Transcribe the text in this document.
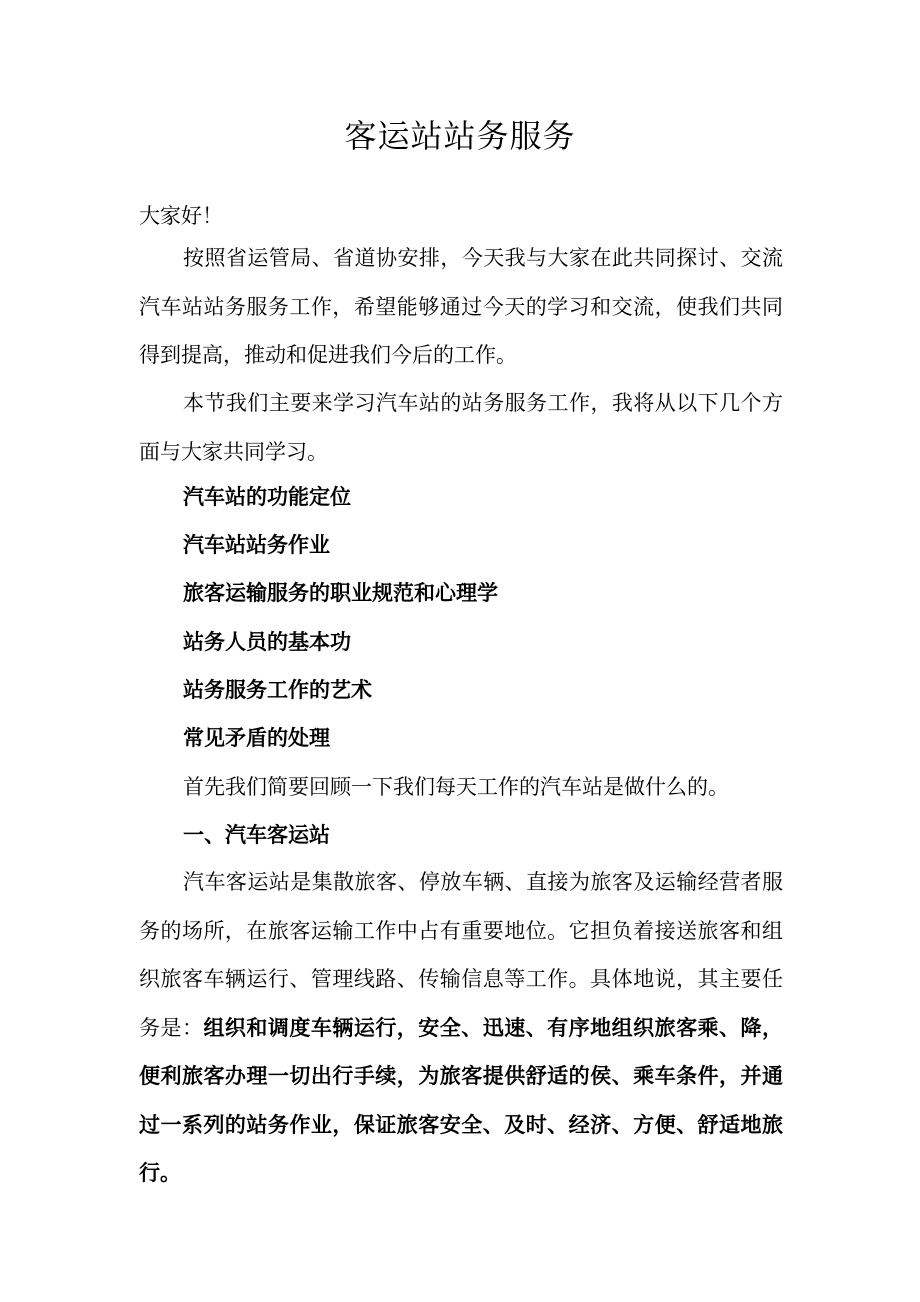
客运站站务服务

大家好！

按照省运管局、省道协安排，今天我与大家在此共同探讨、交流汽车站站务服务工作，希望能够通过今天的学习和交流，使我们共同得到提高，推动和促进我们今后的工作。

本节我们主要来学习汽车站的站务服务工作，我将从以下几个方面与大家共同学习。

汽车站的功能定位

汽车站站务作业

旅客运输服务的职业规范和心理学

站务人员的基本功

站务服务工作的艺术

常见矛盾的处理

首先我们简要回顾一下我们每天工作的汽车站是做什么的。

一、汽车客运站

汽车客运站是集散旅客、停放车辆、直接为旅客及运输经营者服务的场所，在旅客运输工作中占有重要地位。它担负着接送旅客和组织旅客车辆运行、管理线路、传输信息等工作。具体地说，其主要任务是：组织和调度车辆运行，安全、迅速、有序地组织旅客乘、降，便利旅客办理一切出行手续，为旅客提供舒适的侯、乘车条件，并通过一系列的站务作业，保证旅客安全、及时、经济、方便、舒适地旅行。
